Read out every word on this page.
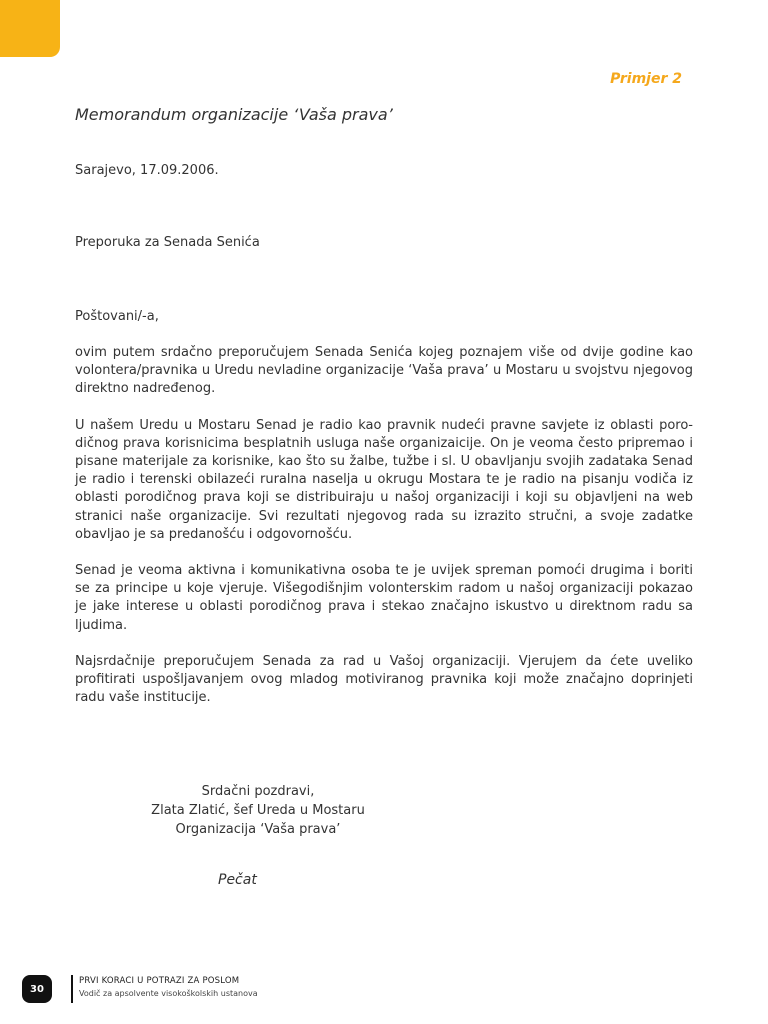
Primjer 2
Memorandum organizacije ‘Vaša prava’
Sarajevo, 17.09.2006.
Preporuka za Senada Senića
Poštovani/-a,

ovim putem srdačno preporučujem Senada Senića kojeg poznajem više od dvije godine kao volontera/pravnika u Uredu nevladine organizacije ‘Vaša prava’ u Mostaru u svojstvu njegovog direktno nadređenog.

U našem Uredu u Mostaru Senad je radio kao pravnik nudeći pravne savjete iz oblasti porodičnog prava korisnicima besplatnih usluga naše organizaicije. On je veoma često pripremao i pisane materijale za korisnike, kao što su žalbe, tužbe i sl. U obavljanju svojih zadataka Senad je radio i terenski obilazeći ruralna naselja u okrugu Mostara te je radio na pisanju vodiča iz oblasti porodičnog prava koji se distribuiraju u našoj organizaciji i koji su objavljeni na web stranici naše organizacije. Svi rezultati njegovog rada su izrazito stručni, a svoje zadatke obavljao je sa predanošću i odgovornošću.

Senad je veoma aktivna i komunikativna osoba te je uvijek spreman pomoći drugima i boriti se za principe u koje vjeruje. Višegodišnjim volonterskim radom u našoj organizaciji pokazao je jake interese u oblasti porodičnog prava i stekao značajno iskustvo u direktnom radu sa ljudima.

Najsrdačnije preporučujem Senada za rad u Vašoj organizaciji. Vjerujem da ćete uveliko profitirati uspošljavanjem ovog mladog motiviranog pravnika koji može značajno doprinjeti radu vaše institucije.

Srdačni pozdravi,
Zlata Zlatić, šef Ureda u Mostaru
Organizacija ‘Vaša prava’
Pečat
30
PRVI KORACI U POTRAZI ZA POSLOM
Vodič za apsolvente visokoškolskih ustanova
